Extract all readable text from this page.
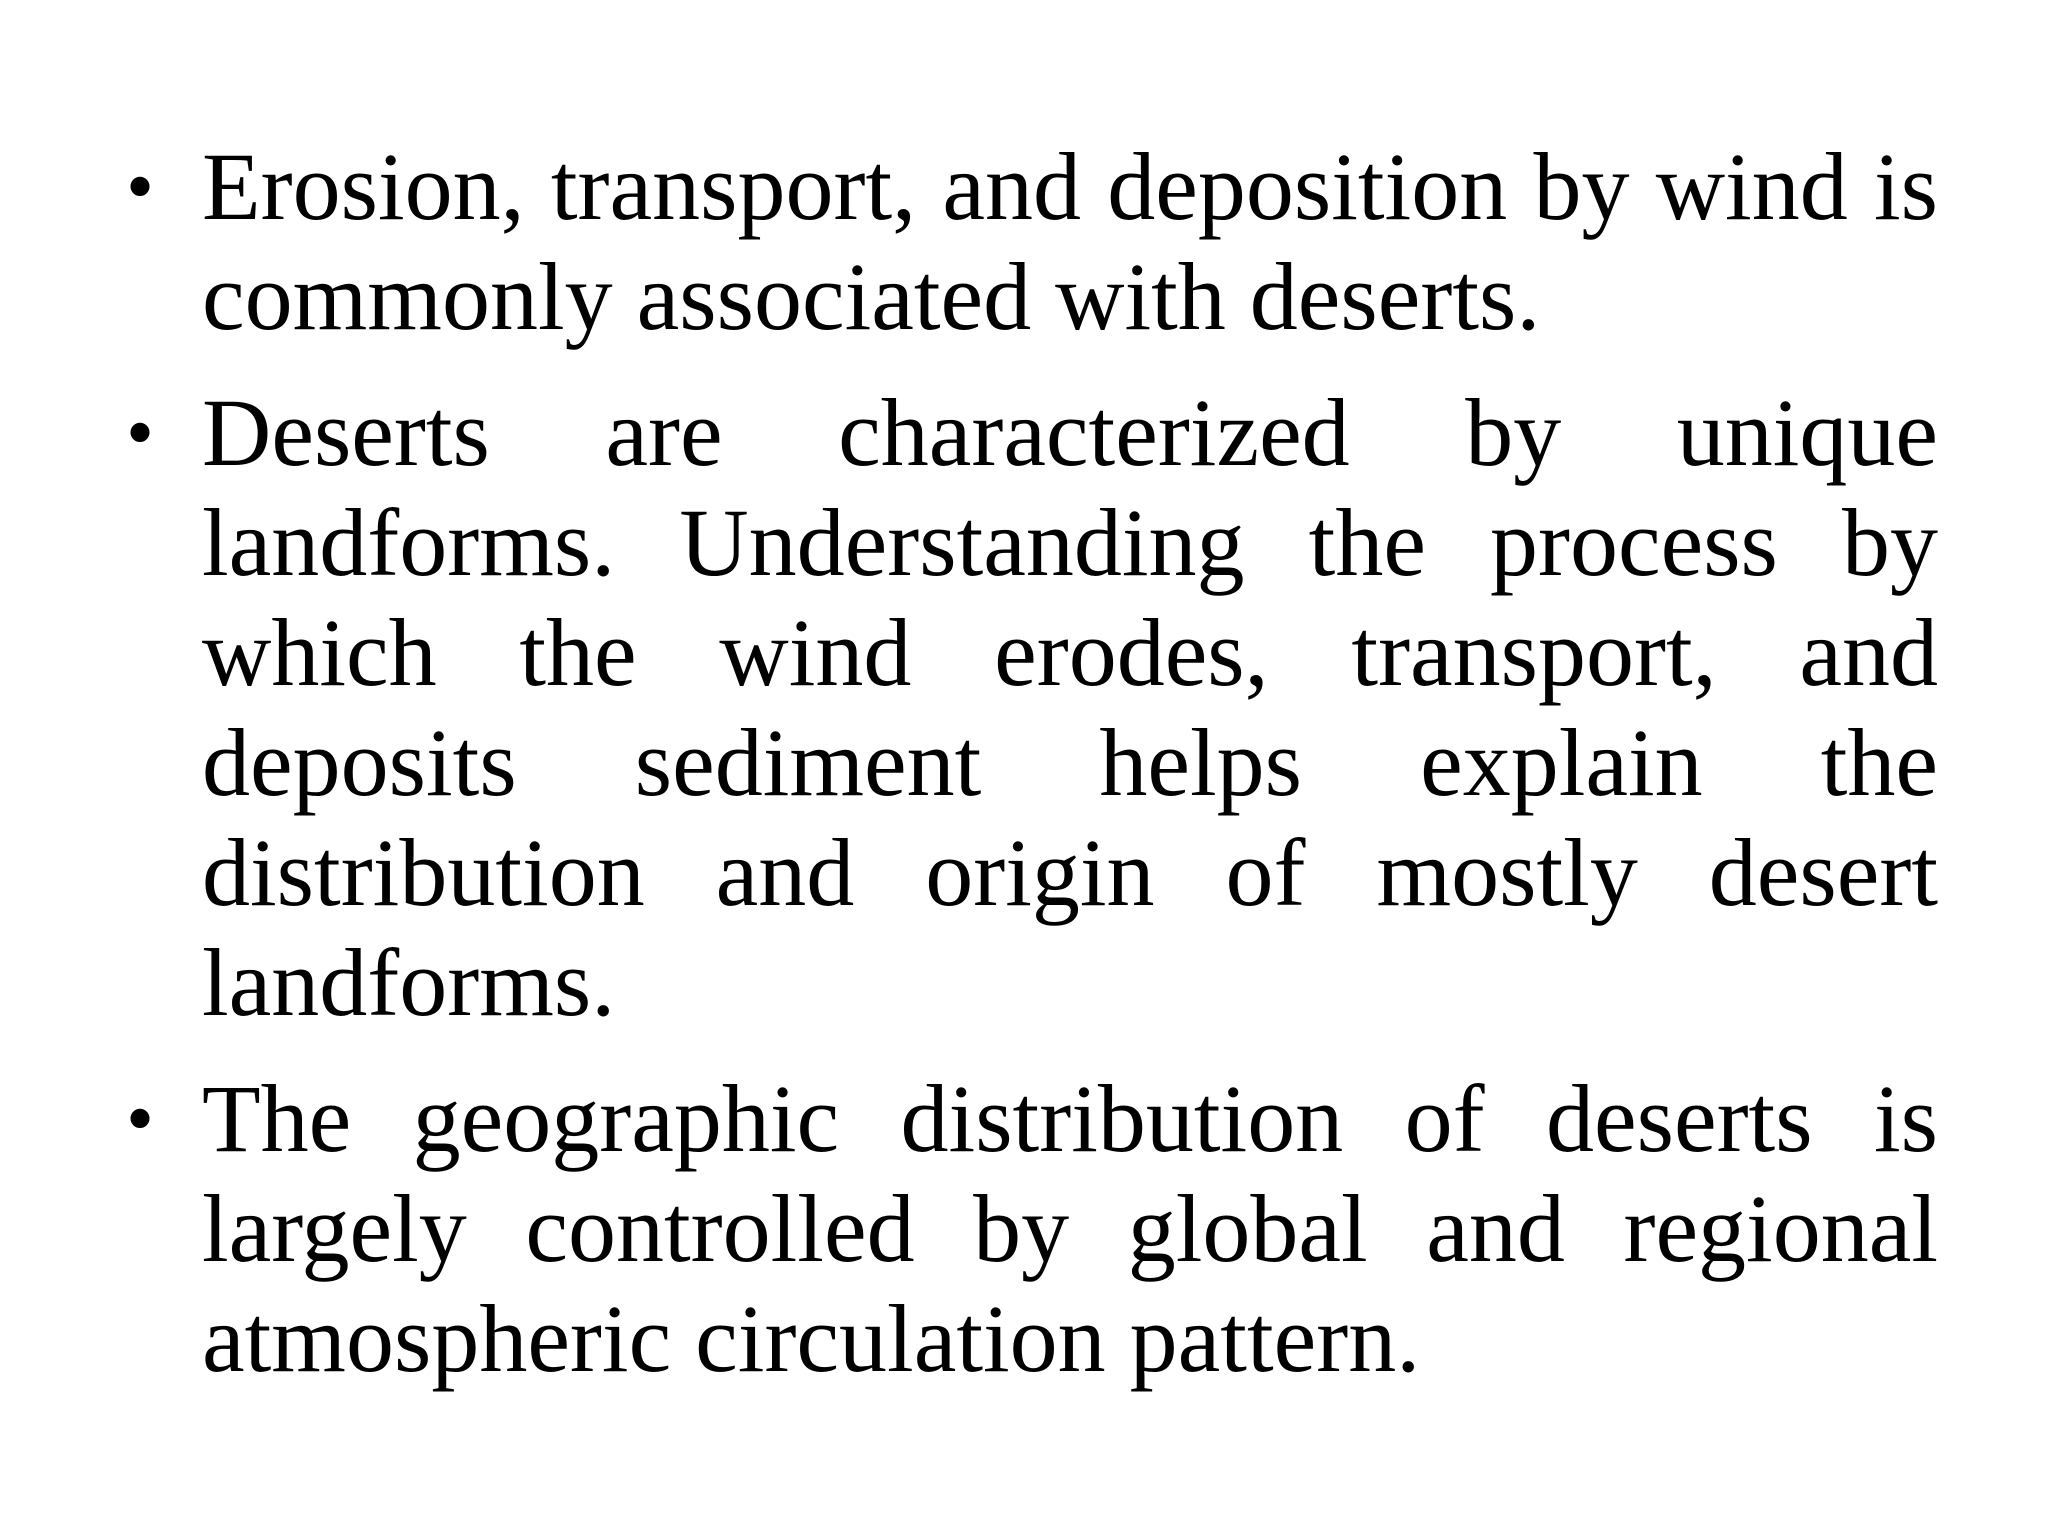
• Erosion, transport, and deposition by wind is commonly associated with deserts.
• Deserts are characterized by unique landforms. Understanding the process by which the wind erodes, transport, and deposits sediment helps explain the distribution and origin of mostly desert landforms.
• The geographic distribution of deserts is largely controlled by global and regional atmospheric circulation pattern.
